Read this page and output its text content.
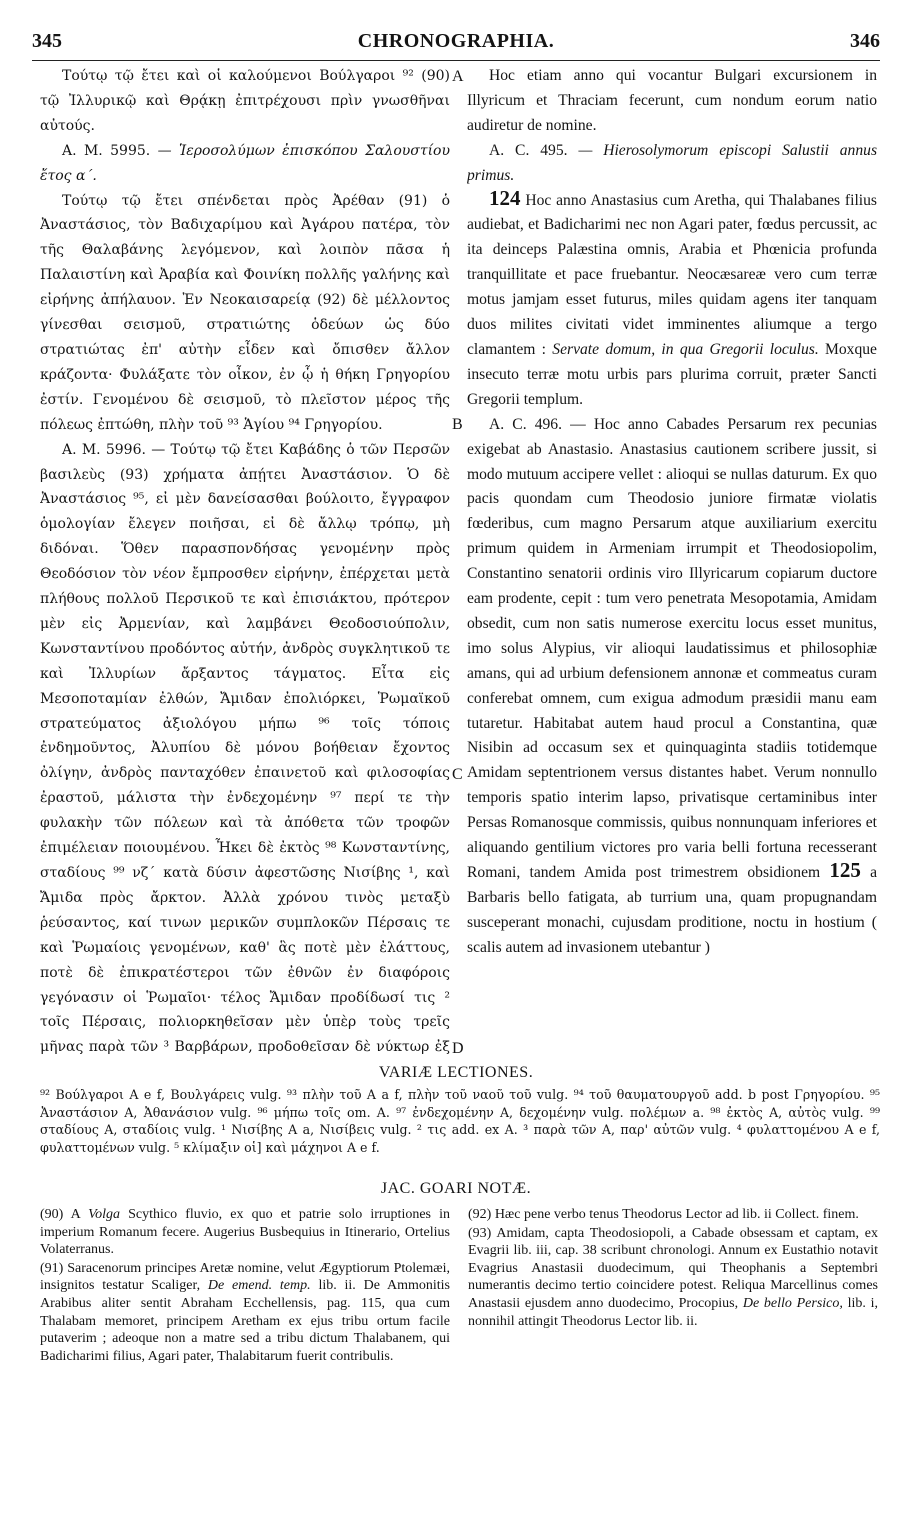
345	CHRONOGRAPHIA.	346

Τούτῳ τῷ ἔτει καὶ οἱ καλούμενοι Βούλγαροι ⁹² (90) τῷ Ἰλλυρικῷ καὶ Θρᾴκῃ ἐπιτρέχουσι πρὶν γνωσθῆναι αὐτούς.

Α. Μ. 5995. — Ἱεροσολύμων ἐπισκόπου Σαλουστίου ἔτος α΄.

Τούτῳ τῷ ἔτει σπένδεται πρὸς Ἀρέθαν (91) ὁ Ἀναστάσιος, τὸν Βαδιχαρίμου καὶ Ἀγάρου πατέρα, τὸν τῆς Θαλαβάνης λεγόμενον, καὶ λοιπὸν πᾶσα ἡ Παλαιστίνη καὶ Ἀραβία καὶ Φοινίκη πολλῆς γαλήνης καὶ εἰρήνης ἀπήλαυον. Ἐν Νεοκαισαρείᾳ (92) δὲ μέλλοντος γίνεσθαι σεισμοῦ, στρατιώτης ὁδεύων ὡς δύο στρατιώτας ἐπ' αὐτὴν εἶδεν καὶ ὄπισθεν ἄλλον κράζοντα· Φυλάξατε τὸν οἶκον, ἐν ᾧ ἡ θήκη Γρηγορίου ἐστίν. Γενομένου δὲ σεισμοῦ, τὸ πλεῖστον μέρος τῆς πόλεως ἐπτώθη, πλὴν τοῦ ⁹³ Ἁγίου ⁹⁴ Γρηγορίου.

Α. Μ. 5996. — Τούτῳ τῷ ἔτει Καβάδης ὁ τῶν Περσῶν βασιλεὺς (93) χρήματα ἀπῄτει Ἀναστάσιον. Ὁ δὲ Ἀναστάσιος ⁹⁵, εἰ μὲν δανείσασθαι βούλοιτο, ἔγγραφον ὁμολογίαν ἔλεγεν ποιῆσαι, εἰ δὲ ἄλλῳ τρόπῳ, μὴ διδόναι. Ὅθεν παρασπονδήσας γενομένην πρὸς Θεοδόσιον τὸν νέον ἔμπροσθεν εἰρήνην, ἐπέρχεται μετὰ πλήθους πολλοῦ Περσικοῦ τε καὶ ἐπισιάκτου, πρότερον μὲν εἰς Ἀρμενίαν, καὶ λαμβάνει Θεοδοσιούπολιν, Κωνσταντίνου προδόντος αὐτήν, ἀνδρὸς συγκλητικοῦ τε καὶ Ἰλλυρίων ἄρξαντος τάγματος. Εἶτα εἰς Μεσοποταμίαν ἐλθών, Ἄμιδαν ἐπολιόρκει, Ῥωμαϊκοῦ στρατεύματος ἀξιολόγου μήπω ⁹⁶ τοῖς τόποις ἐνδημοῦντος, Ἀλυπίου δὲ μόνου βοήθειαν ἔχοντος ὀλίγην, ἀνδρὸς πανταχόθεν ἐπαινετοῦ καὶ φιλοσοφίας ἐραστοῦ, μάλιστα τὴν ἐνδεχομένην ⁹⁷ περί τε τὴν φυλακὴν τῶν πόλεων καὶ τὰ ἀπόθετα τῶν τροφῶν ἐπιμέλειαν ποιουμένου. Ἦκει δὲ ἐκτὸς ⁹⁸ Κωνσταντίνης, σταδίους ⁹⁹ νζ΄ κατὰ δύσιν ἀφεστῶσης Νισίβης ¹, καὶ Ἄμιδα πρὸς ἄρκτον. Ἀλλὰ χρόνου τινὸς μεταξὺ ῥεύσαντος, καί τινων μερικῶν συμπλοκῶν Πέρσαις τε καὶ Ῥωμαίοις γενομένων, καθ' ἃς ποτὲ μὲν ἐλάττους, ποτὲ δὲ ἐπικρατέστεροι τῶν ἐθνῶν ἐν διαφόροις γεγόνασιν οἱ Ῥωμαῖοι· τέλος Ἄμιδαν προδίδωσί τις ² τοῖς Πέρσαις, πολιορκηθεῖσαν μὲν ὑπὲρ τοὺς τρεῖς μῆνας παρὰ τῶν ³ Βαρβάρων, προδοθεῖσαν δὲ νύκτωρ ἐξ

A
B
C
D

Hoc etiam anno qui vocantur Bulgari excursionem in Illyricum et Thraciam fecerunt, cum nondum eorum natio audiretur de nomine.

A. C. 495. — Hierosolymorum episcopi Salustii annus primus.

124 Hoc anno Anastasius cum Aretha, qui Thalabanes filius audiebat, et Badicharimi nec non Agari pater, fœdus percussit, ac ita deinceps Palæstina omnis, Arabia et Phœnicia profunda tranquillitate et pace fruebantur. Neocæsareæ vero cum terræ motus jamjam esset futurus, miles quidam agens iter tanquam duos milites civitati videt imminentes aliumque a tergo clamantem : Servate domum, in qua Gregorii loculus. Moxque insecuto terræ motu urbis pars plurima corruit, præter Sancti Gregorii templum.

A. C. 496. — Hoc anno Cabades Persarum rex pecunias exigebat ab Anastasio. Anastasius cautionem scribere jussit, si modo mutuum accipere vellet : alioqui se nullas daturum. Ex quo pacis quondam cum Theodosio juniore firmatæ violatis fœderibus, cum magno Persarum atque auxiliarium exercitu primum quidem in Armeniam irrumpit et Theodosiopolim, Constantino senatorii ordinis viro Illyricarum copiarum ductore eam prodente, cepit : tum vero penetrata Mesopotamia, Amidam obsedit, cum non satis numerose exercitu locus esset munitus, imo solus Alypius, vir alioqui laudatissimus et philosophiæ amans, qui ad urbium defensionem annonæ et commeatus curam conferebat omnem, cum exigua admodum præsidii manu eam tutaretur. Habitabat autem haud procul a Constantina, quæ Nisibin ad occasum sex et quinquaginta stadiis totidemque Amidam septentrionem versus distantes habet. Verum nonnullo temporis spatio interim lapso, privatisque certaminibus inter Persas Romanosque commissis, quibus nonnunquam inferiores et aliquando gentilium victores pro varia belli fortuna recesserant Romani, tandem Amida post trimestrem obsidionem 125 a Barbaris bello fatigata, ab turrium una, quam propugnandam susceperant monachi, cujusdam proditione, noctu in hostium ( scalis autem ad invasionem utebantur )

VARIÆ LECTIONES.
⁹² Βούλγαροι A e f, Βουλγάρεις vulg. ⁹³ πλὴν τοῦ A a f, πλὴν τοῦ ναοῦ τοῦ vulg. ⁹⁴ τοῦ θαυματουργοῦ add. b post Γρηγορίου. ⁹⁵ Ἀναστάσιον A, Ἀθανάσιον vulg. ⁹⁶ μήπω τοῖς om. A. ⁹⁷ ἐνδεχομένην A, δεχομένην vulg. πολέμων a. ⁹⁸ ἐκτὸς A, αὐτὸς vulg. ⁹⁹ σταδίους A, σταδίοις vulg. ¹ Νισίβης A a, Νισίβεις vulg. ² τις add. ex A. ³ παρὰ τῶν A, παρ' αὐτῶν vulg. ⁴ φυλαττομένου A e f, φυλαττομένων vulg. ⁵ κλίμαξιν οἱ] καὶ μάχηνοι A e f.
JAC. GOARI NOTÆ.

(90) A Volga Scythico fluvio, ex quo et patrie solo irruptiones in imperium Romanum fecere. Augerius Busbequius in Itinerario, Ortelius Volaterranus.

(91) Saracenorum principes Aretæ nomine, velut Ægyptiorum Ptolemæi, insignitos testatur Scaliger, De emend. temp. lib. ii. De Ammonitis Arabibus aliter sentit Abraham Ecchellensis, pag. 115, qua cum Thalabam memoret, principem Aretham ex ejus tribu ortum facile putaverim ; adeoque non a matre sed a tribu dictum Thalabanem, qui Badicharimi filius, Agari pater, Thalabitarum fuerit contribulis.

(92) Hæc pene verbo tenus Theodorus Lector ad lib. ii Collect. finem.

(93) Amidam, capta Theodosiopoli, a Cabade obsessam et captam, ex Evagrii lib. iii, cap. 38 scribunt chronologi. Annum ex Eustathio notavit Evagrius Anastasii duodecimum, qui Theophanis a Septembri numerantis decimo tertio coincidere potest. Reliqua Marcellinus comes Anastasii ejusdem anno duodecimo, Procopius, De bello Persico, lib. i, nonnihil attingit Theodorus Lector lib. ii.
